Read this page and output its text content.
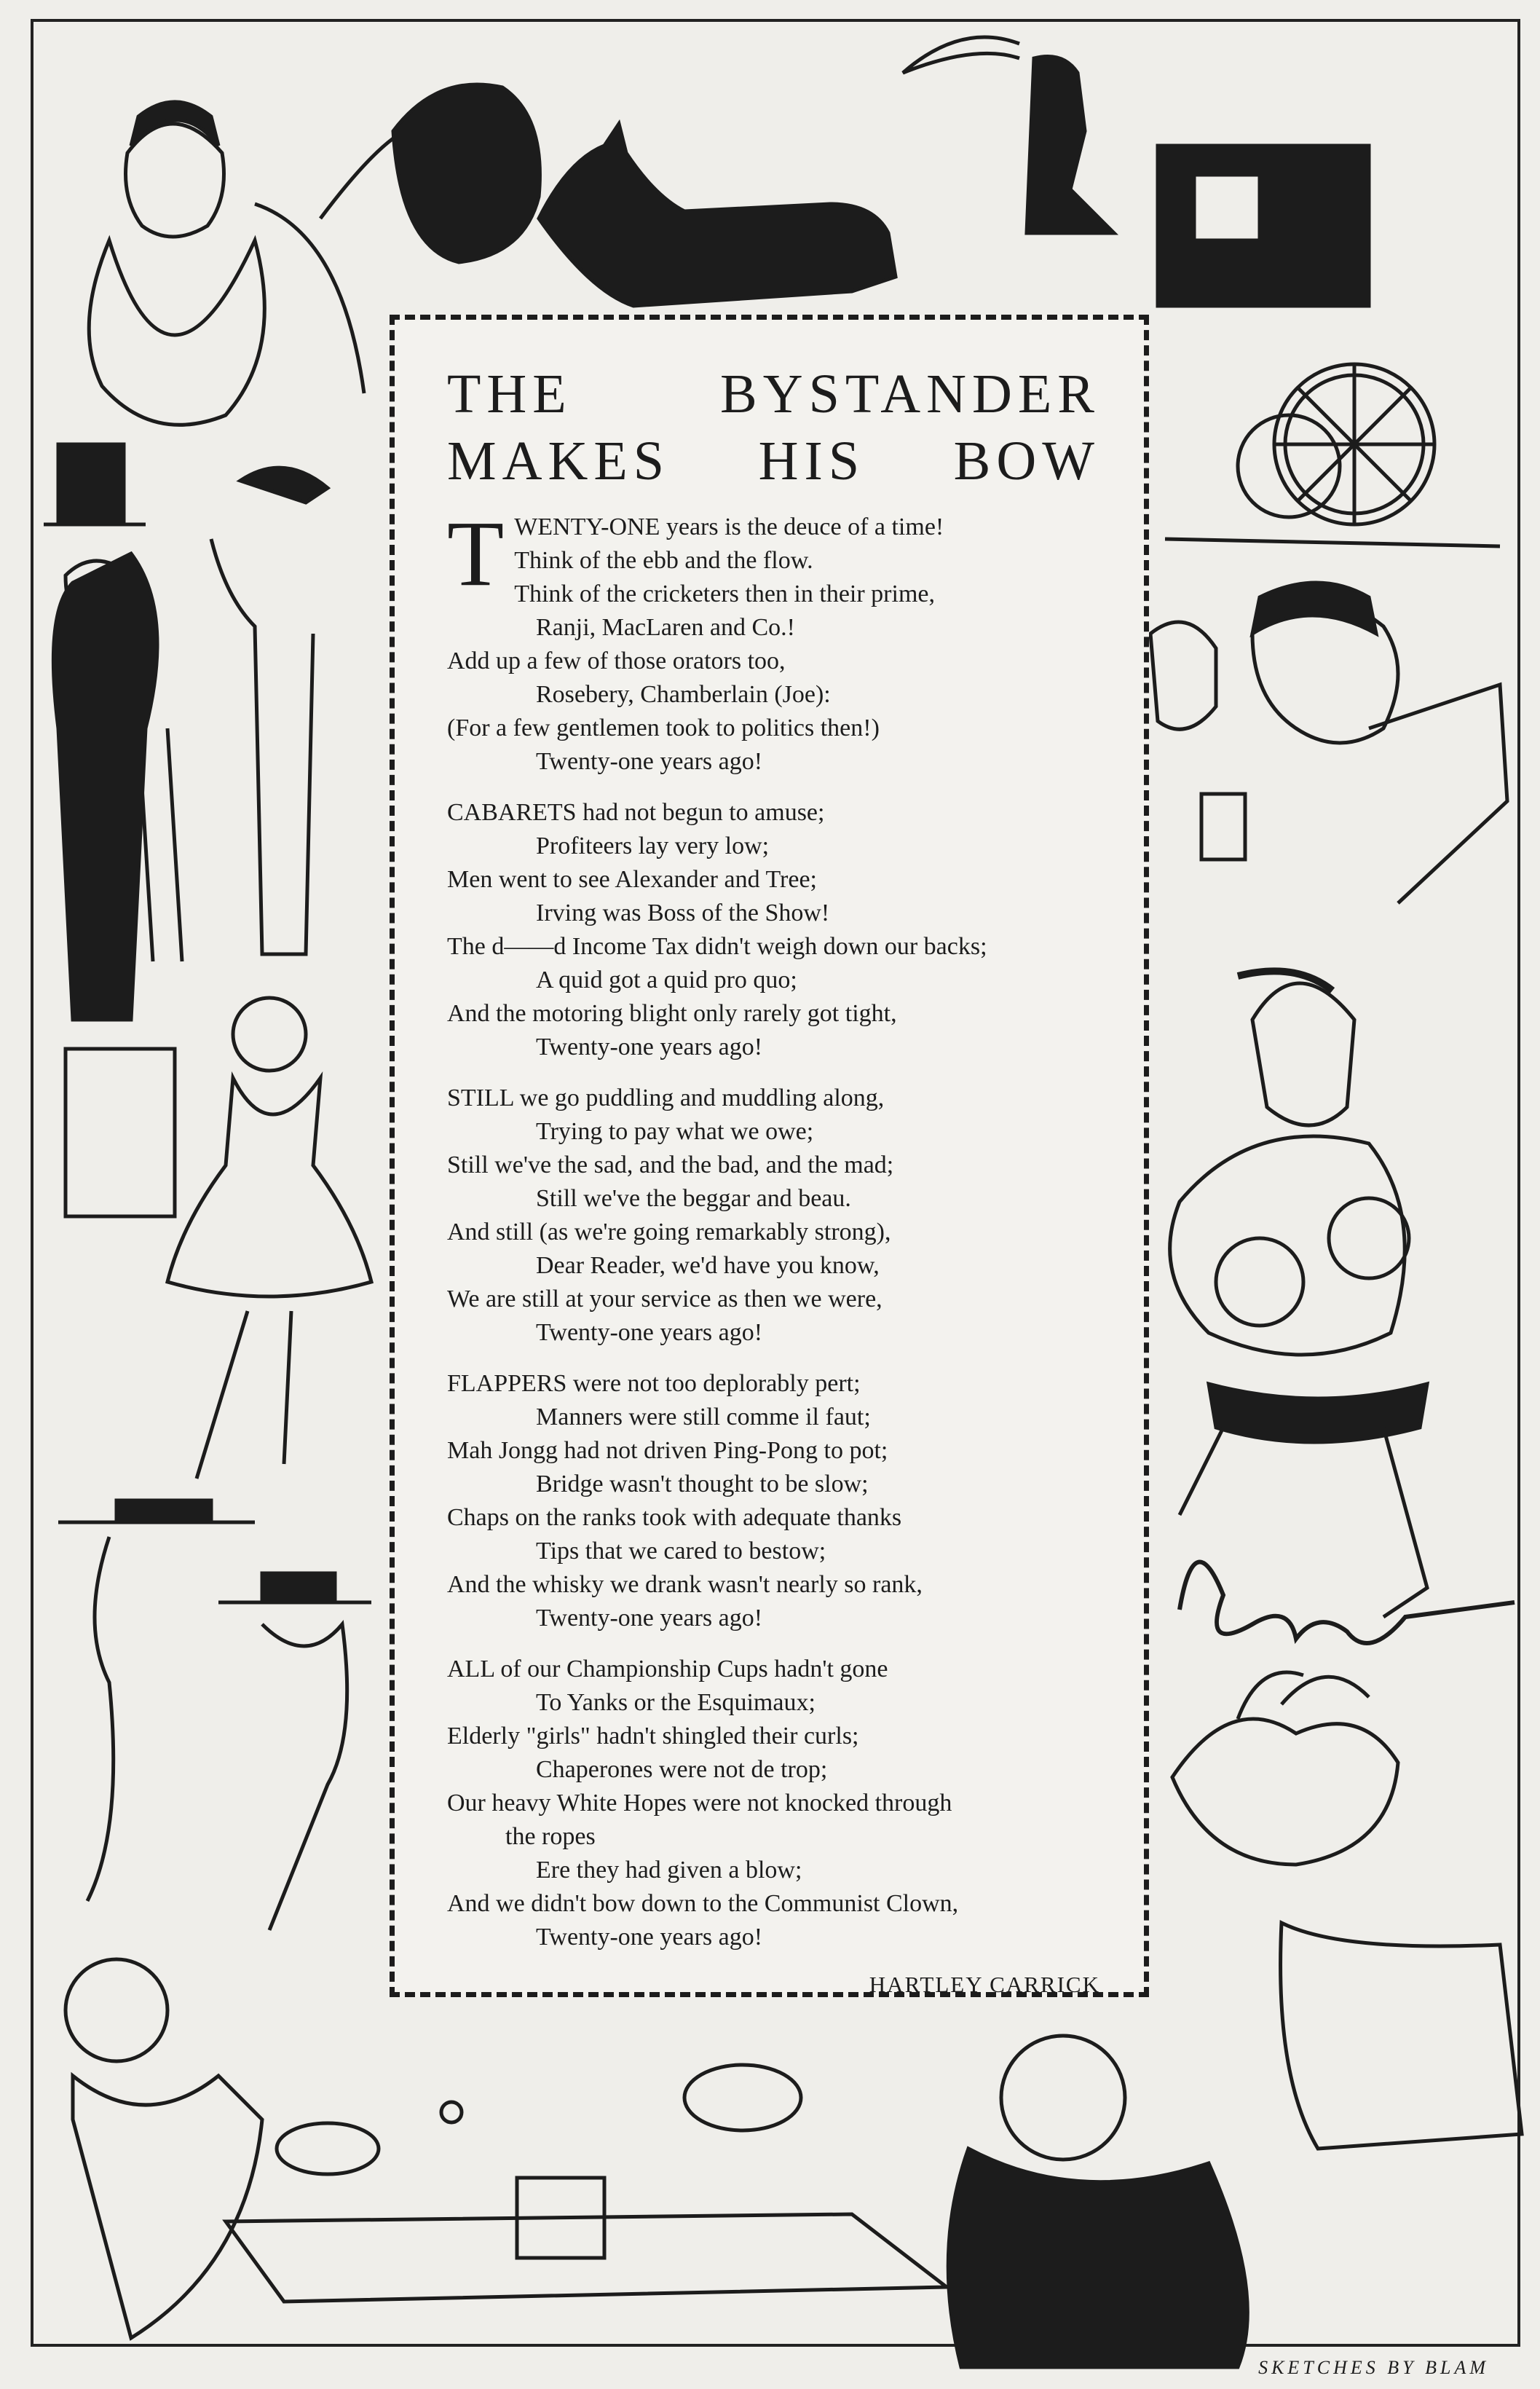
THE BYSTANDER
MAKES HIS BOW
T WENTY-ONE years is the deuce of a time!
Think of the ebb and the flow.
Think of the cricketers then in their prime,
Ranji, MacLaren and Co.!
Add up a few of those orators too,
Rosebery, Chamberlain (Joe):
(For a few gentlemen took to politics then!)
Twenty-one years ago!
CABARETS had not begun to amuse;
Profiteers lay very low;
Men went to see Alexander and Tree;
Irving was Boss of the Show!
The d——d Income Tax didn't weigh down our backs;
A quid got a quid pro quo;
And the motoring blight only rarely got tight,
Twenty-one years ago!
STILL we go puddling and muddling along,
Trying to pay what we owe;
Still we've the sad, and the bad, and the mad;
Still we've the beggar and beau.
And still (as we're going remarkably strong),
Dear Reader, we'd have you know,
We are still at your service as then we were,
Twenty-one years ago!
FLAPPERS were not too deplorably pert;
Manners were still comme il faut;
Mah Jongg had not driven Ping-Pong to pot;
Bridge wasn't thought to be slow;
Chaps on the ranks took with adequate thanks
Tips that we cared to bestow;
And the whisky we drank wasn't nearly so rank,
Twenty-one years ago!
ALL of our Championship Cups hadn't gone
To Yanks or the Esquimaux;
Elderly "girls" hadn't shingled their curls;
Chaperones were not de trop;
Our heavy White Hopes were not knocked through
the ropes
Ere they had given a blow;
And we didn't bow down to the Communist Clown,
Twenty-one years ago!
HARTLEY CARRICK
SKETCHES BY BLAM
